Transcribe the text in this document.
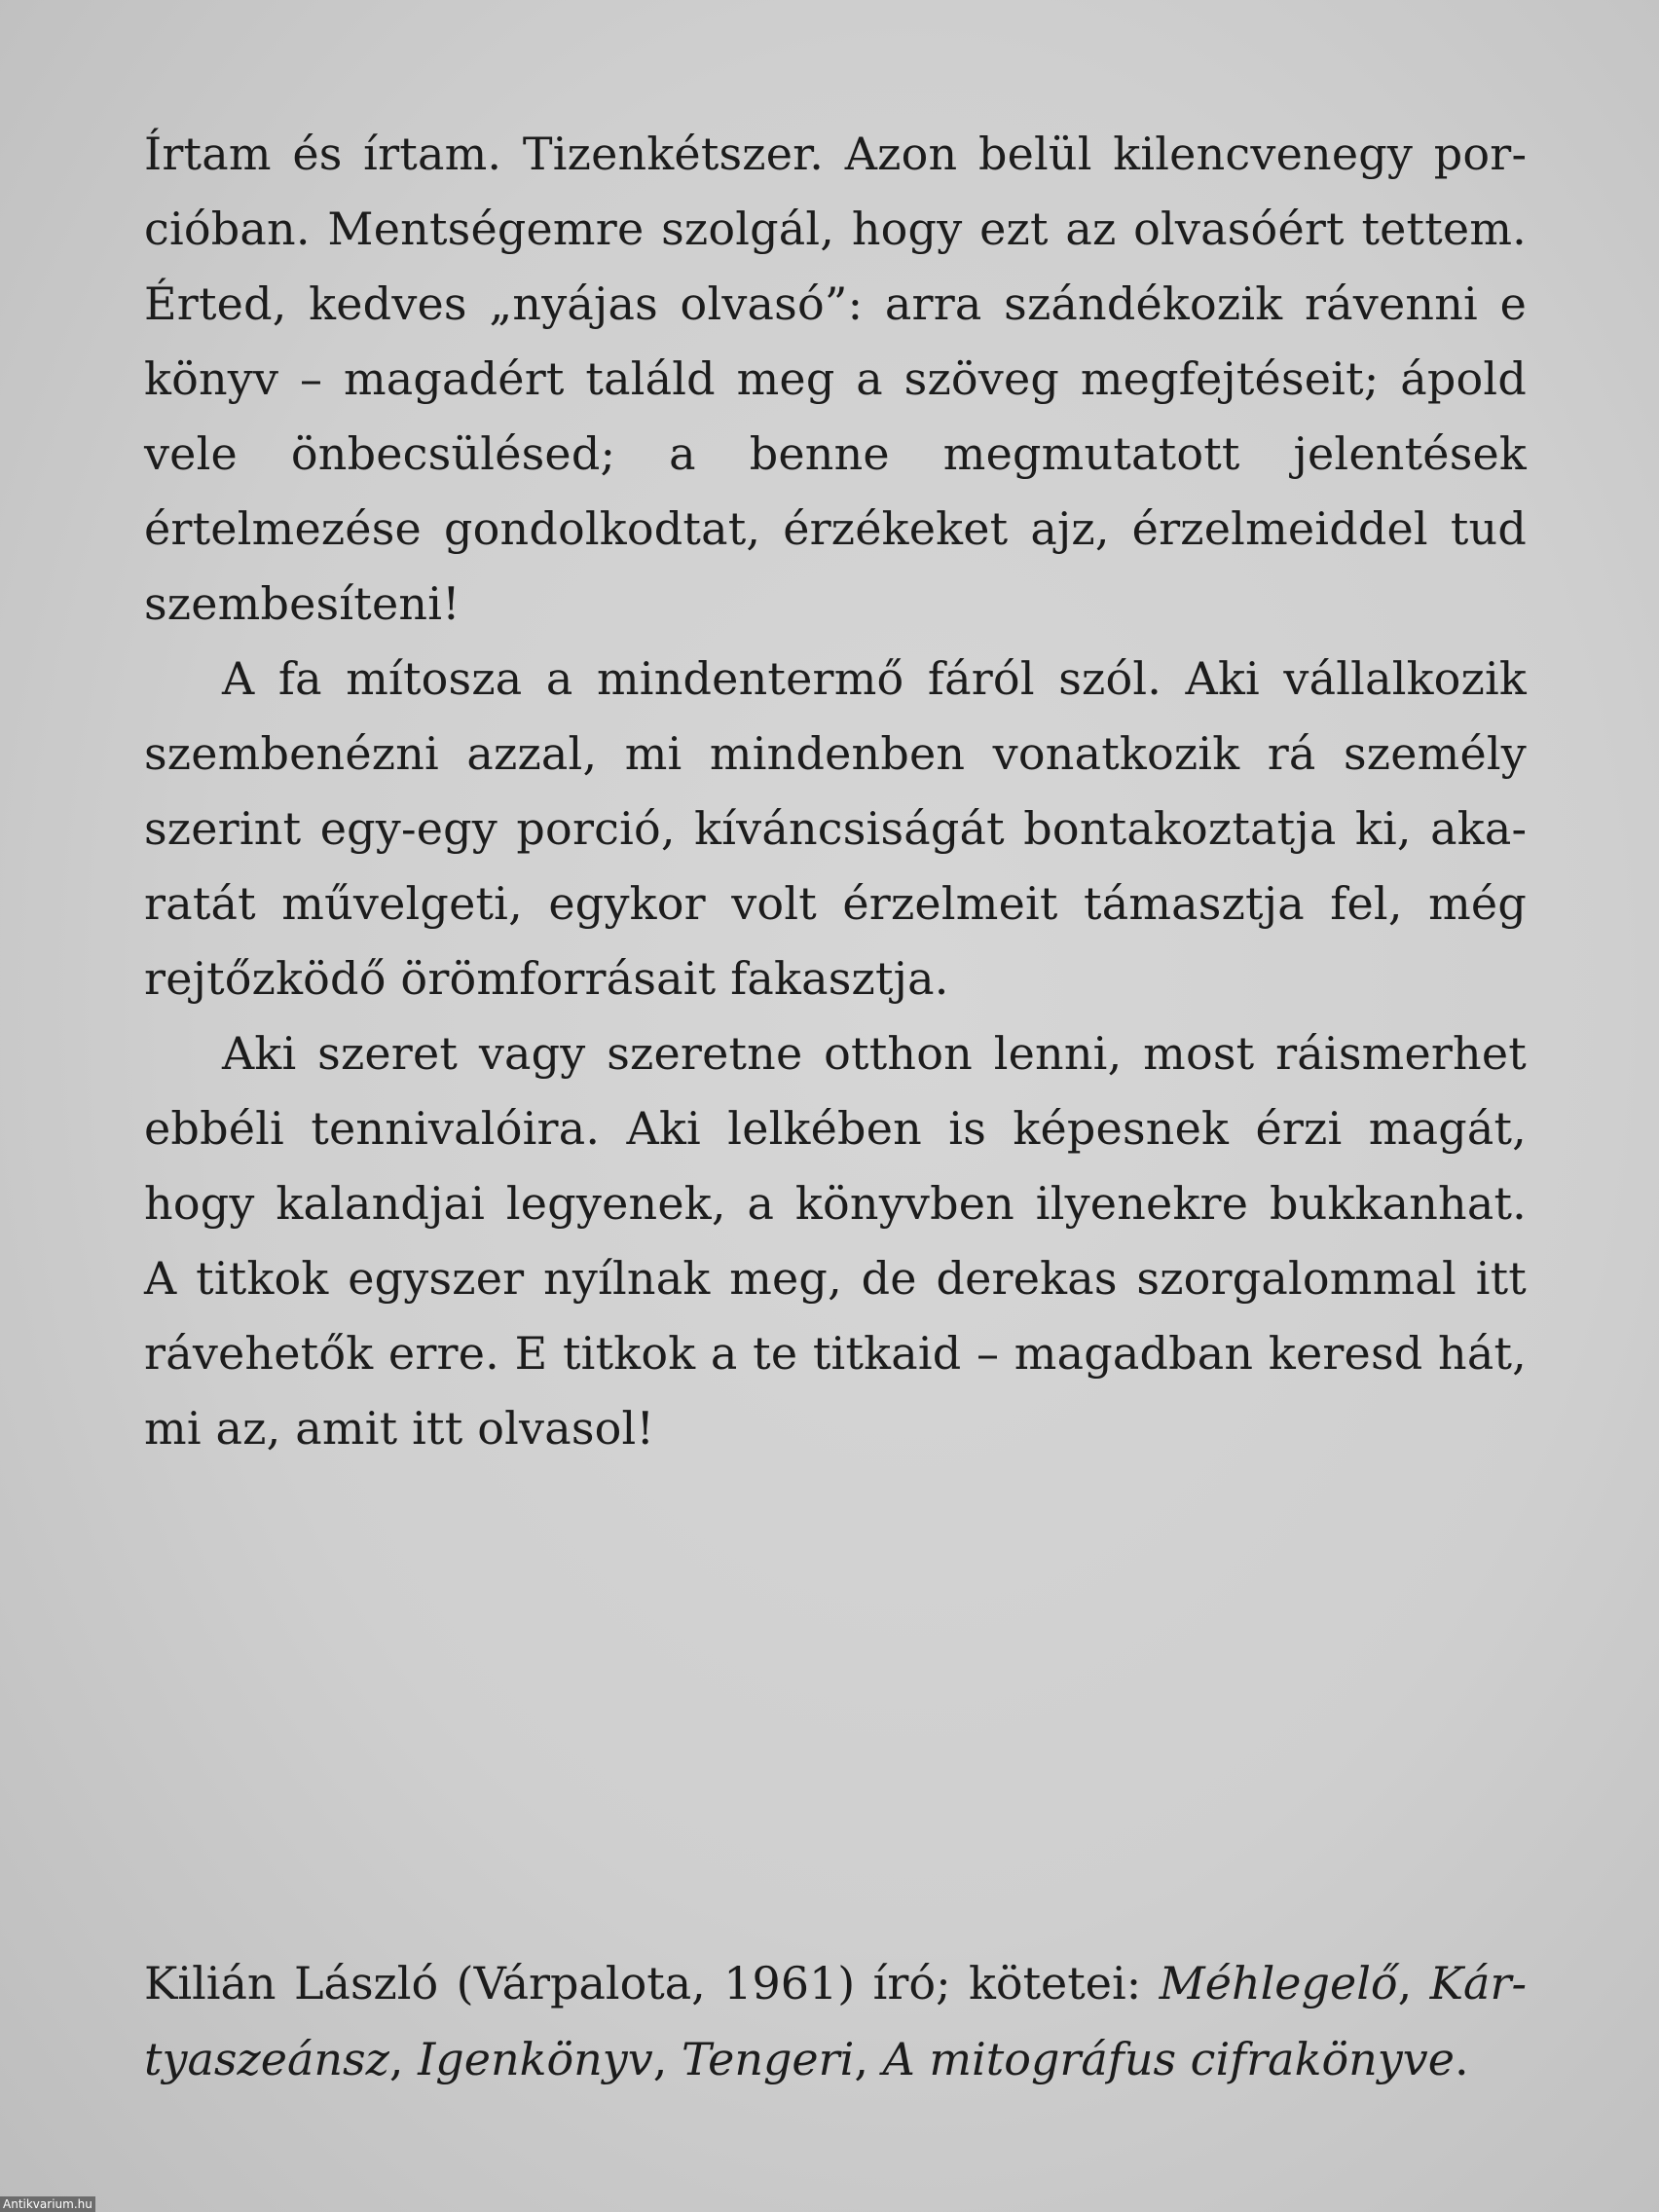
Írtam és írtam. Tizenkétszer. Azon belül kilencvenegy porcióban. Mentségemre szolgál, hogy ezt az olvasóért tettem. Érted, kedves „nyájas olvasó”: arra szándékozik rávenni e könyv – magadért találd meg a szöveg megfejtéseit; ápold vele önbecsülésed; a benne megmutatott jelentések értelmezése gondolkodtat, érzékeket ajz, érzelmeiddel tud szembesíteni!

A fa mítosza a mindentermő fáról szól. Aki vállalkozik szembenézni azzal, mi mindenben vonatkozik rá személy szerint egy-egy porció, kíváncsiságát bontakoztatja ki, akaratát művelgeti, egykor volt érzelmeit támasztja fel, még rejtőzködő örömforrásait fakasztja.

Aki szeret vagy szeretne otthon lenni, most ráismerhet ebbéli tennivalóira. Aki lelkében is képesnek érzi magát, hogy kalandjai legyenek, a könyvben ilyenekre bukkanhat. A titkok egyszer nyílnak meg, de derekas szorgalommal itt rávehetők erre. E titkok a te titkaid – magadban keresd hát, mi az, amit itt olvasol!

Kilián László (Várpalota, 1961) író; kötetei: Méhlegelő, Kártyaszeánsz, Igenkönyv, Tengeri, A mitográfus cifrakönyve.

Antikvarium.hu
